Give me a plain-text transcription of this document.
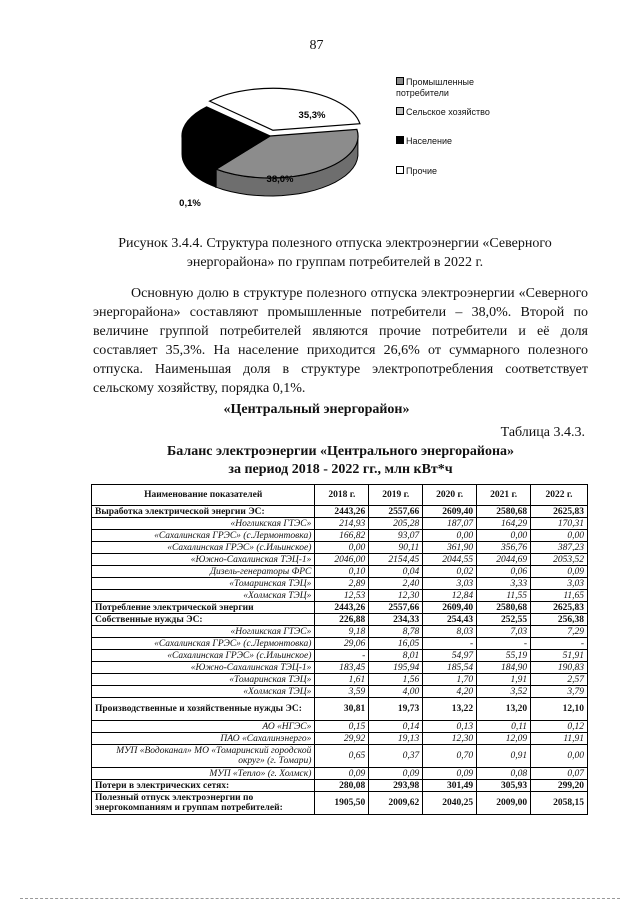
87
38,0%
0,1%
26,6%
35,3%
Промышленные потребители
Сельское хозяйство
Население
Прочие
Рисунок 3.4.4. Структура полезного отпуска электроэнергии «Северного энергорайона» по группам потребителей в 2022 г.
Основную долю в структуре полезного отпуска электроэнергии «Северного энергорайона» составляют промышленные потребители – 38,0%. Второй по величине группой потребителей являются прочие потребители и её доля составляет 35,3%. На население приходится 26,6% от суммарного полезного отпуска. Наименьшая доля в структуре электропотребления соответствует сельскому хозяйству, порядка 0,1%.
«Центральный энергорайон»
Таблица 3.4.3.
Баланс электроэнергии «Центрального энергорайона»
за период 2018 - 2022 гг., млн кВт*ч
Наименование показателей	2018 г.	2019 г.	2020 г.	2021 г.	2022 г.
Выработка электрической энергии ЭС:	2443,26	2557,66	2609,40	2580,68	2625,83
«Ногликская ГТЭС»	214,93	205,28	187,07	164,29	170,31
«Сахалинская ГРЭС» (с.Лермонтовка)	166,82	93,07	0,00	0,00	0,00
«Сахалинская ГРЭС» (с.Ильинское)	0,00	90,11	361,90	356,76	387,23
«Южно-Сахалинская ТЭЦ-1»	2046,00	2154,45	2044,55	2044,69	2053,52
Дизель-генераторы ФРС	0,10	0,04	0,02	0,06	0,09
«Томаринская ТЭЦ»	2,89	2,40	3,03	3,33	3,03
«Холмская ТЭЦ»	12,53	12,30	12,84	11,55	11,65
Потребление электрической энергии	2443,26	2557,66	2609,40	2580,68	2625,83
Собственные нужды ЭС:	226,88	234,33	254,43	252,55	256,38
«Ногликская ГТЭС»	9,18	8,78	8,03	7,03	7,29
«Сахалинская ГРЭС» (с.Лермонтовка)	29,06	16,05	-	-	-
«Сахалинская ГРЭС» (с.Ильинское)	-	8,01	54,97	55,19	51,91
«Южно-Сахалинская ТЭЦ-1»	183,45	195,94	185,54	184,90	190,83
«Томаринская ТЭЦ»	1,61	1,56	1,70	1,91	2,57
«Холмская ТЭЦ»	3,59	4,00	4,20	3,52	3,79
Производственные и хозяйственные нужды ЭС:	30,81	19,73	13,22	13,20	12,10
АО «НГЭС»	0,15	0,14	0,13	0,11	0,12
ПАО «Сахалинэнерго»	29,92	19,13	12,30	12,09	11,91
МУП «Водоканал» МО «Томаринский городской округ» (г. Томари)	0,65	0,37	0,70	0,91	0,00
МУП «Тепло» (г. Холмск)	0,09	0,09	0,09	0,08	0,07
Потери в электрических сетях:	280,08	293,98	301,49	305,93	299,20
Полезный отпуск электроэнергии по энергокомпаниям и группам потребителей:	1905,50	2009,62	2040,25	2009,00	2058,15
